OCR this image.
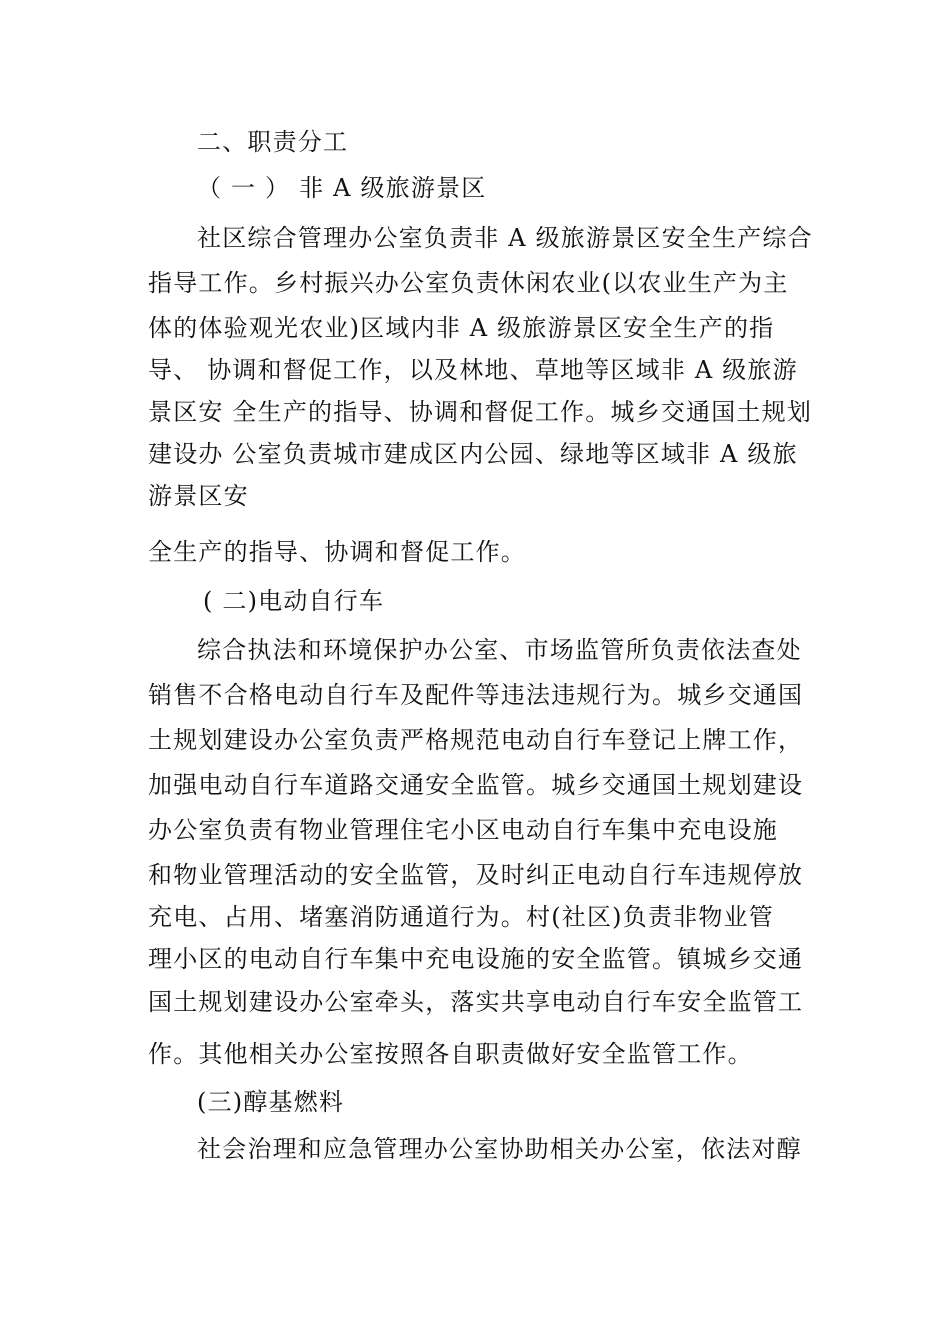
二、职责分工
（ 一 ） 非 A 级旅游景区
社区综合管理办公室负责非 A 级旅游景区安全生产综合
指导工作。乡村振兴办公室负责休闲农业(以农业生产为主
体的体验观光农业)区域内非 A 级旅游景区安全生产的指
导、 协调和督促工作，以及林地、草地等区域非 A 级旅游
景区安 全生产的指导、协调和督促工作。城乡交通国土规划
建设办 公室负责城市建成区内公园、绿地等区域非 A 级旅
游景区安
全生产的指导、协调和督促工作。
( 二)电动自行车
综合执法和环境保护办公室、市场监管所负责依法查处
销售不合格电动自行车及配件等违法违规行为。城乡交通国
土规划建设办公室负责严格规范电动自行车登记上牌工作，
加强电动自行车道路交通安全监管。城乡交通国土规划建设
办公室负责有物业管理住宅小区电动自行车集中充电设施
和物业管理活动的安全监管，及时纠正电动自行车违规停放
充电、占用、堵塞消防通道行为。村(社区)负责非物业管
理小区的电动自行车集中充电设施的安全监管。镇城乡交通
国土规划建设办公室牵头，落实共享电动自行车安全监管工
作。其他相关办公室按照各自职责做好安全监管工作。
(三)醇基燃料
社会治理和应急管理办公室协助相关办公室，依法对醇
